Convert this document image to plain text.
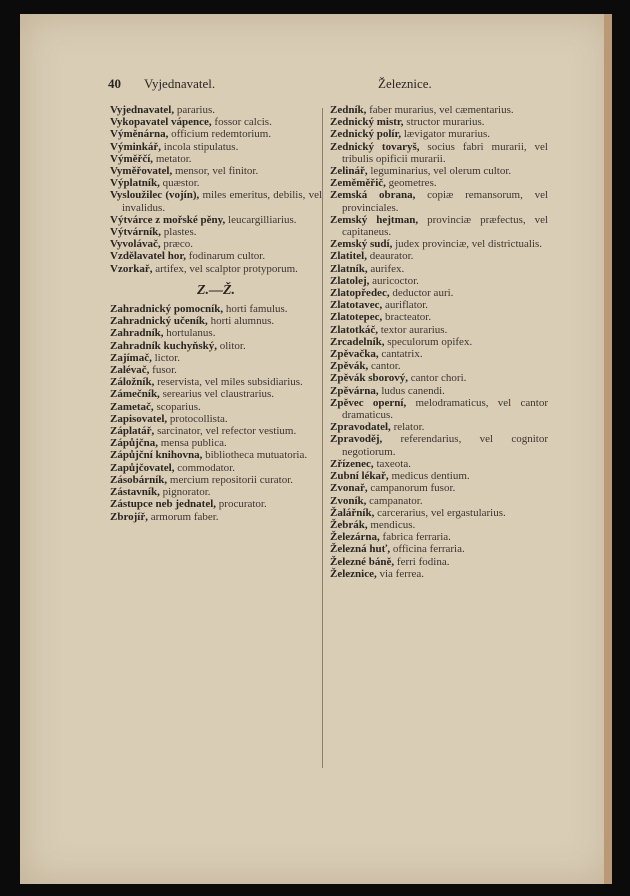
40 Vyjednavatel.	Železnice.
Vyjednavatel, pararius.
Vykopavatel vápence, fossor calcis.
Výměnárna, officium redemtorium.
Výminkář, incola stipulatus.
Výměřčí, metator.
Vyměřovatel, mensor, vel finitor.
Výplatník, quæstor.
Vysloužilec (vojín), miles emeritus, debilis, vel invalidus.
Výtvárce z mořské pěny, leucargilliarius.
Výtvárník, plastes.
Vyvolávač, præco.
Vzdělavatel hor, fodinarum cultor.
Vzorkař, artifex, vel scalptor protyporum.
Z.—Ž.
Zahradnický pomocník, horti famulus.
Zahradnický učeník, horti alumnus.
Zahradník, hortulanus.
Zahradník kuchyňský, olitor.
Zajímač, lictor.
Zalévač, fusor.
Záložník, reservista, vel miles subsidiarius.
Zámečník, serearius vel claustrarius.
Zametač, scoparius.
Zapisovatel, protocollista.
Záplatář, sarcinator, vel refector vestium.
Zápůjčna, mensa publica.
Zápůjční knihovna, bibliotheca mutuatoria.
Zapůjčovatel, commodator.
Zásobárník, mercium repositorii curator.
Zástavník, pignorator.
Zástupce neb jednatel, procurator.
Zbrojíř, armorum faber.
Zedník, faber murarius, vel cæmentarius.
Zednický mistr, structor murarius.
Zednický polír, lævigator murarius.
Zednický tovaryš, socius fabri murarii, vel tribulis opificii murarii.
Zelinář, leguminarius, vel olerum cultor.
Zeměměřič, geometres.
Zemská obrana, copiæ remansorum, vel provinciales.
Zemský hejtman, provinciæ præfectus, vel capitaneus.
Zemský sudí, judex provinciæ, vel districtualis.
Zlatitel, deaurator.
Zlatník, aurifex.
Zlatolej, auricoctor.
Zlatopředec, deductor auri.
Zlatotavec, auriflator.
Zlatotepec, bracteator.
Zlatotkáč, textor aurarius.
Zrcadelník, speculorum opifex.
Zpěvačka, cantatrix.
Zpěvák, cantor.
Zpěvák sborový, cantor chori.
Zpěvárna, ludus canendi.
Zpěvec operní, melodramaticus, vel cantor dramaticus.
Zpravodatel, relator.
Zpravoděj, referendarius, vel cognitor negotiorum.
Zřízenec, taxeota.
Zubní lékař, medicus dentium.
Zvonař, campanorum fusor.
Zvoník, campanator.
Žalářník, carcerarius, vel ergastularius.
Žebrák, mendicus.
Železárna, fabrica ferraria.
Železná huť, officina ferraria.
Železné báně, ferri fodina.
Železnice, via ferrea.
